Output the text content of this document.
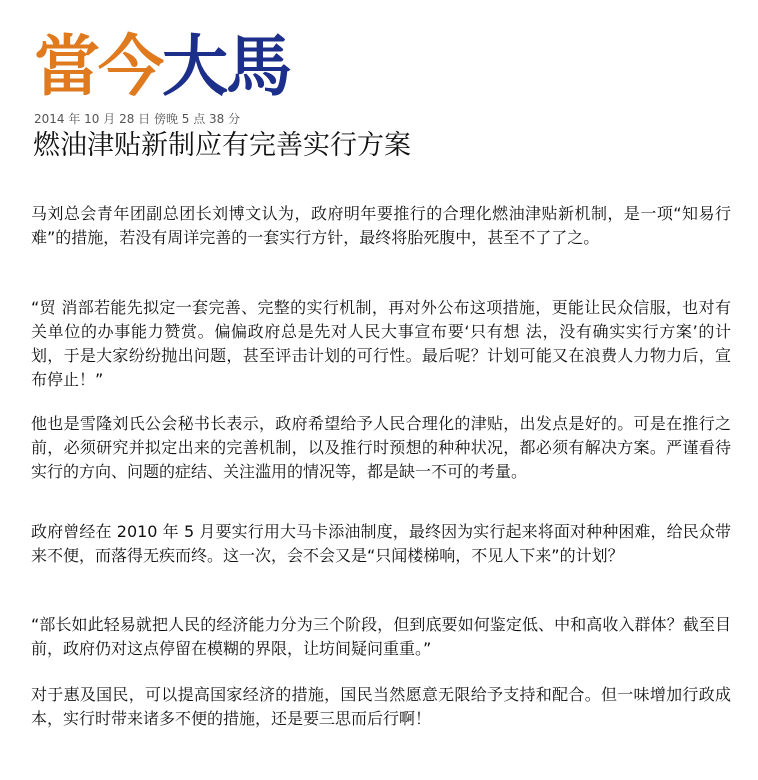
當今 大馬
2014 年 10 月 28 日 傍晚 5 点 38 分
燃油津贴新制应有完善实行方案

马刘总会青年团副总团长刘博文认为，政府明年要推行的合理化燃油津贴新机制，是一项“知易行难”的措施，若没有周详完善的一套实行方针，最终将胎死腹中，甚至不了了之。

“贸 消部若能先拟定一套完善、完整的实行机制，再对外公布这项措施，更能让民众信服，也对有关单位的办事能力赞赏。偏偏政府总是先对人民大事宣布要‘只有想 法，没有确实实行方案’的计划，于是大家纷纷抛出问题，甚至评击计划的可行性。最后呢？计划可能又在浪费人力物力后，宣布停止！”

他也是雪隆刘氏公会秘书长表示，政府希望给予人民合理化的津贴，出发点是好的。可是在推行之前，必须研究并拟定出来的完善机制，以及推行时预想的种种状况，都必须有解决方案。严谨看待实行的方向、问题的症结、关注滥用的情况等，都是缺一不可的考量。

政府曾经在 2010 年 5 月要实行用大马卡添油制度，最终因为实行起来将面对种种困难，给民众带来不便，而落得无疾而终。这一次，会不会又是“只闻楼梯响，不见人下来”的计划？

“部长如此轻易就把人民的经济能力分为三个阶段，但到底要如何鉴定低、中和高收入群体？截至目前，政府仍对这点停留在模糊的界限，让坊间疑问重重。”

对于惠及国民，可以提高国家经济的措施，国民当然愿意无限给予支持和配合。但一味增加行政成本，实行时带来诸多不便的措施，还是要三思而后行啊！
